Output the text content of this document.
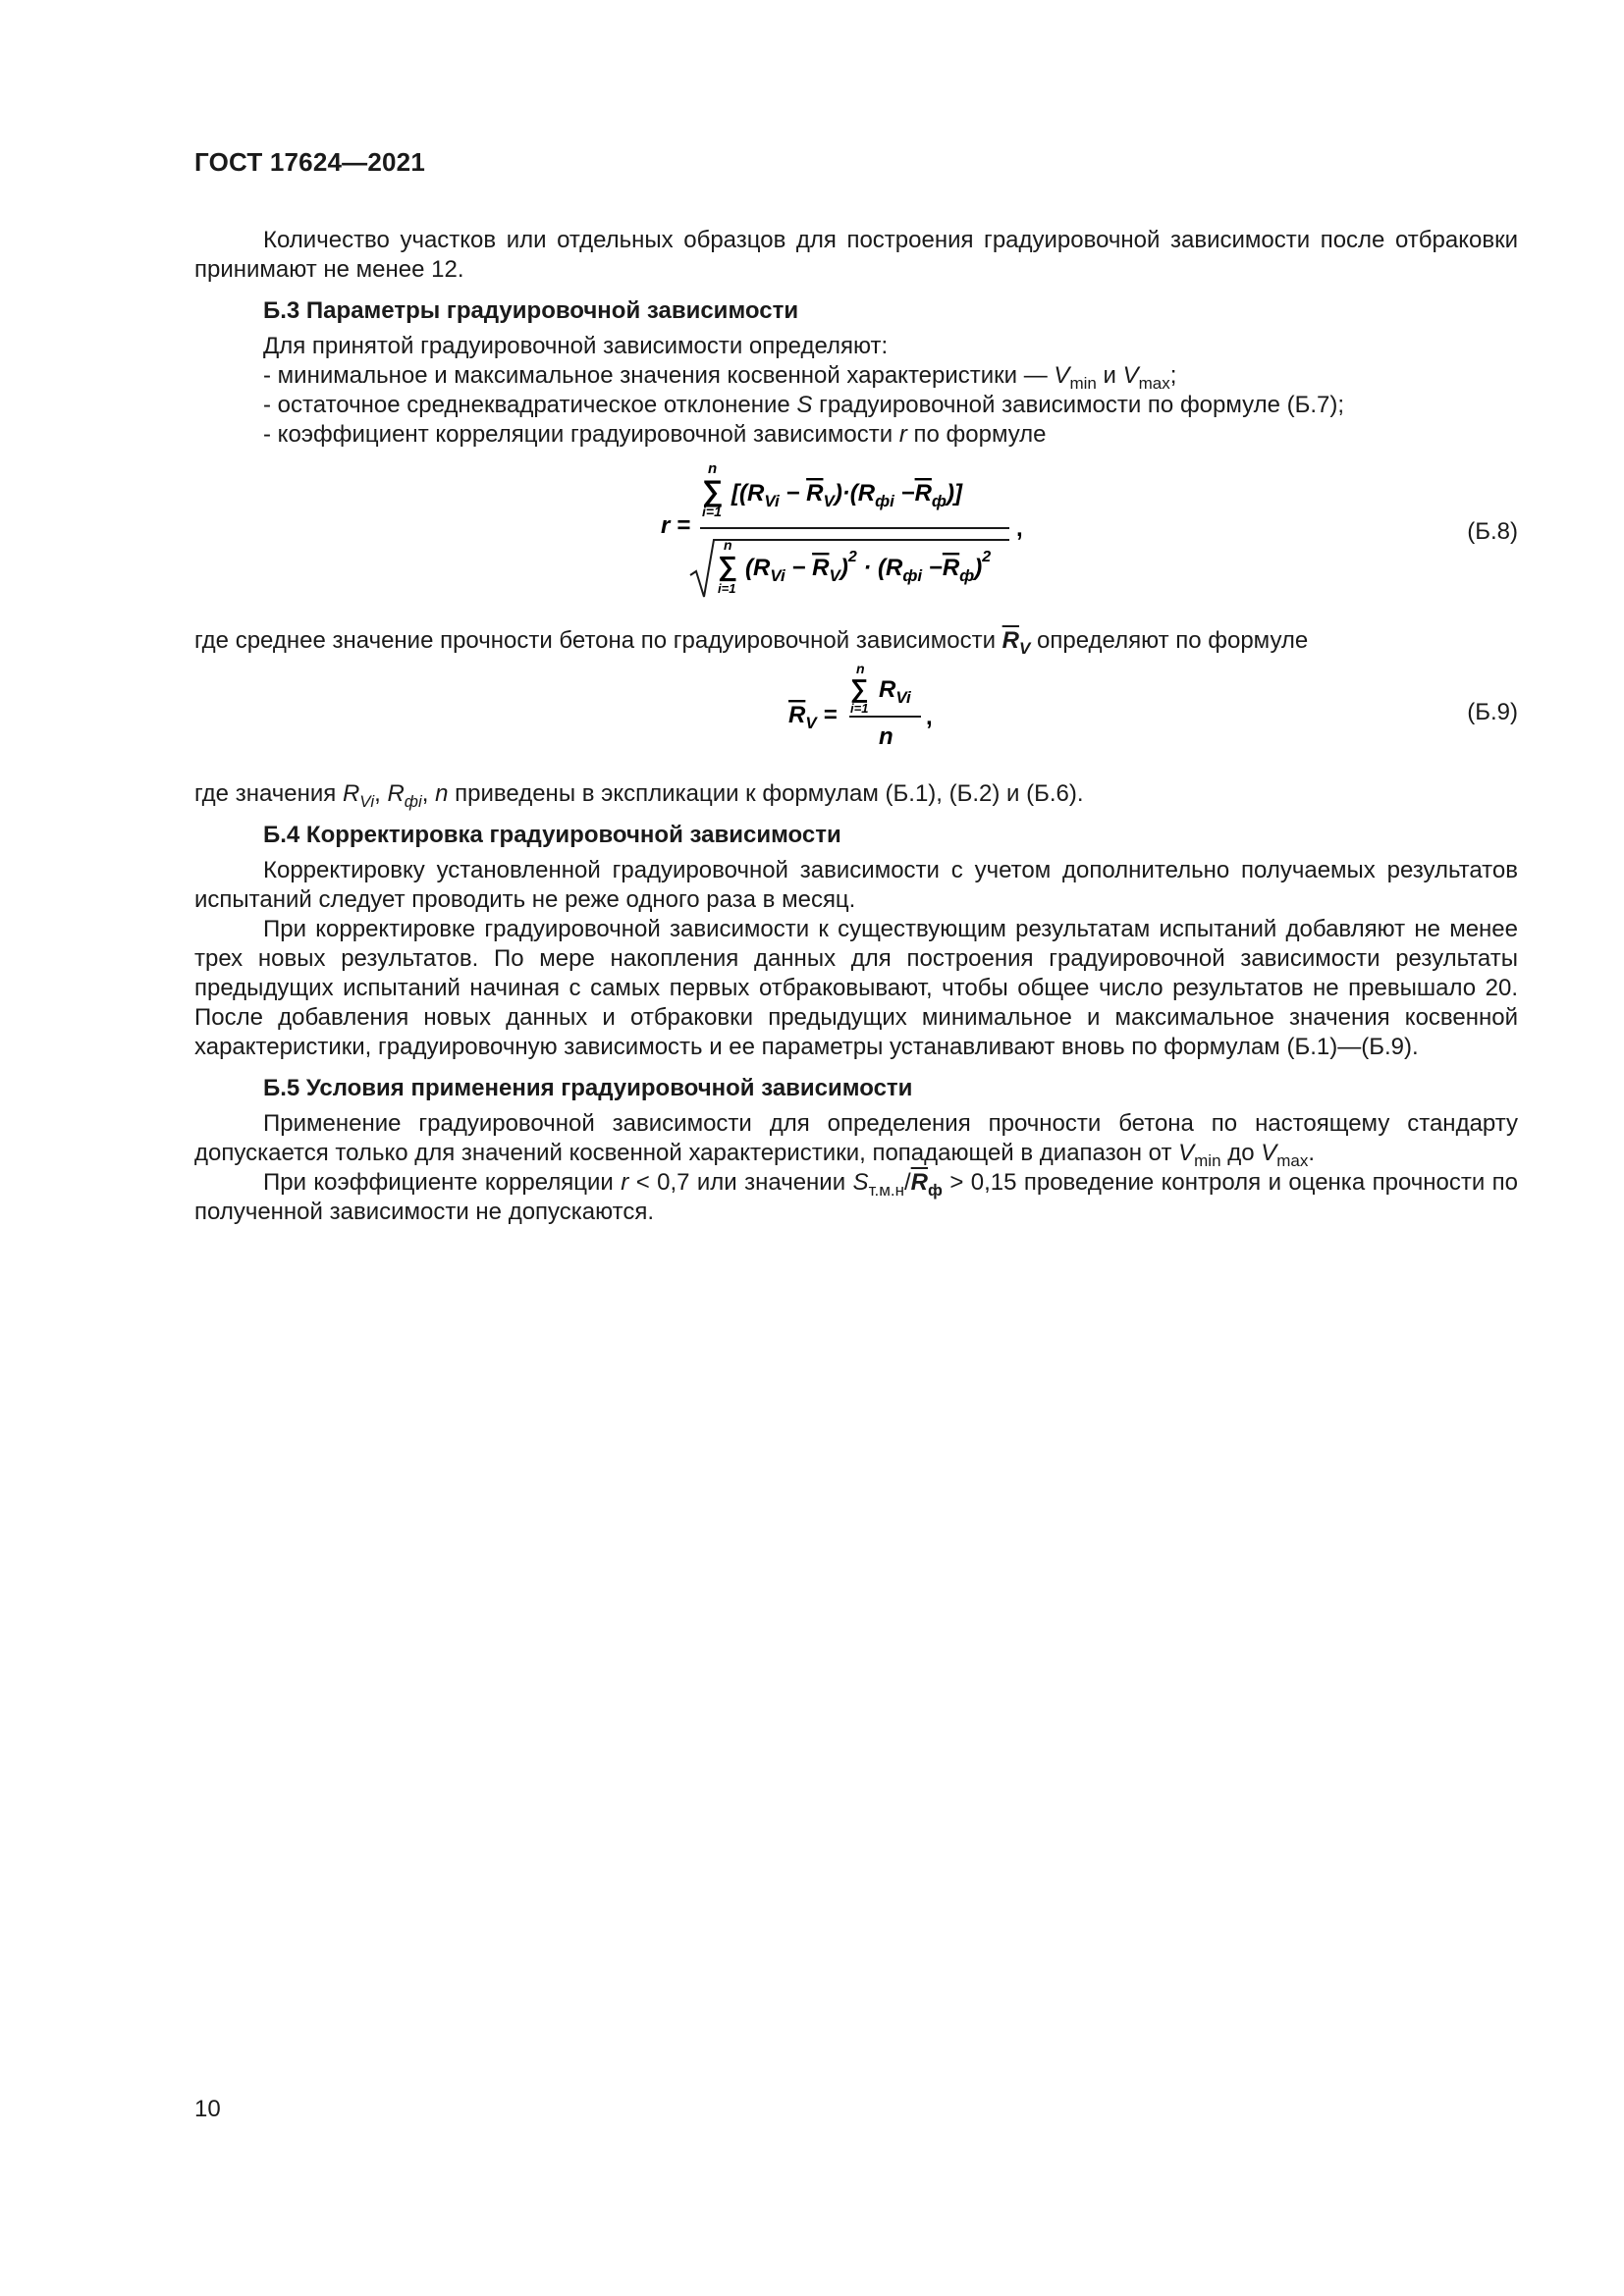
ГОСТ 17624—2021

Количество участков или отдельных образцов для построения градуировочной зависимости после отбраковки принимают не менее 12.

Б.3 Параметры градуировочной зависимости

Для принятой градуировочной зависимости определяют:

- минимальное и максимальное значения косвенной характеристики — $V_{min}$ и $V_{max}$;
- остаточное среднеквадратическое отклонение S градуировочной зависимости по формуле (Б.7);
- коэффициент корреляции градуировочной зависимости r по формуле
r =
∑
n
i=1
$[(R_{Vi} - R_V)\cdot(R_{фi} -R_ф)]$
∑
n
i=1
$(R_{Vi} - R_V)^2 \cdot (R_{фi} -R_ф)^2$
,	(Б.8)

где среднее значение прочности бетона по градуировочной зависимости $\overline{R}_V$ определяют по формуле

$R_V$ =
∑
n
i=1
$R_{Vi}$
n
,	(Б.9)

где значения $R_{Vi}$, $R_{фi}$, n приведены в экспликации к формулам (Б.1), (Б.2) и (Б.6).

Б.4 Корректировка градуировочной зависимости

Корректировку установленной градуировочной зависимости с учетом дополнительно получаемых результатов испытаний следует проводить не реже одного раза в месяц.

При корректировке градуировочной зависимости к существующим результатам испытаний добавляют не менее трех новых результатов. По мере накопления данных для построения градуировочной зависимости результаты предыдущих испытаний начиная с самых первых отбраковывают, чтобы общее число результатов не превышало 20. После добавления новых данных и отбраковки предыдущих минимальное и максимальное значения косвенной характеристики, градуировочную зависимость и ее параметры устанавливают вновь по формулам (Б.1)—(Б.9).

Б.5 Условия применения градуировочной зависимости

Применение градуировочной зависимости для определения прочности бетона по настоящему стандарту допускается только для значений косвенной характеристики, попадающей в диапазон от $V_{min}$ до $V_{max}$.

При коэффициенте корреляции r < 0,7 или значении $S_{т.м.н}/\overline{R}_ф > 0,15$ проведение контроля и оценка прочности по полученной зависимости не допускаются.

10
